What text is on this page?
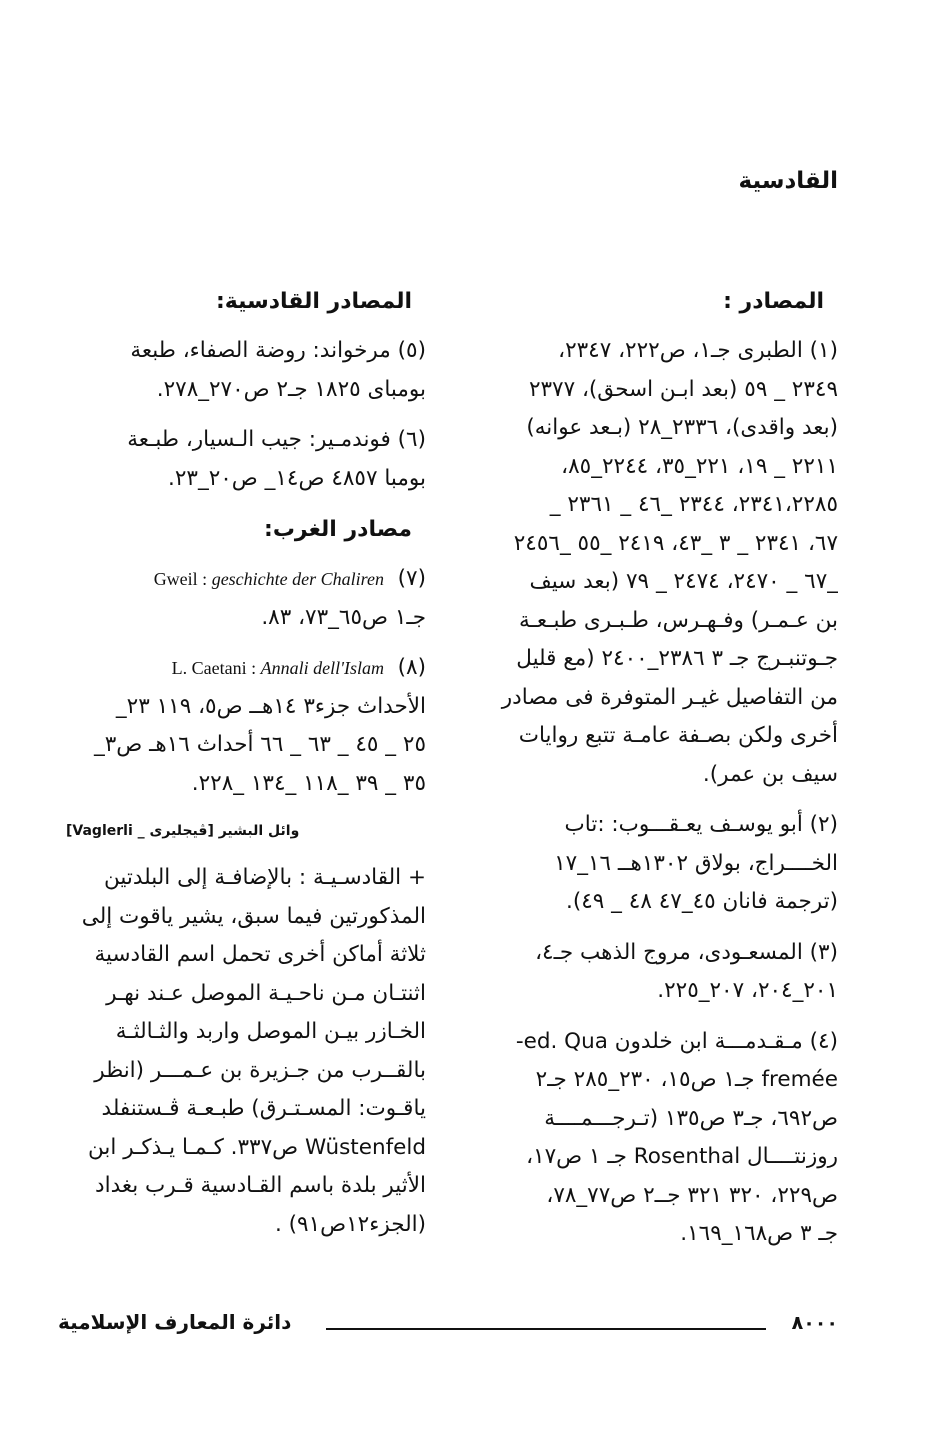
القادسية
المصادر :
(١) الطبرى جـ١، ص٢٢٢، ٢٣٤٧،
٢٣٤٩ _ ٥٩ (بعد ابـن اسحق)، ٢٣٧٧
(بعد واقدى)، ٢٣٣٦_٢٨ (بـعد عوانه)
٢٢١١ _ ١٩، ٢٢١_٣٥، ٢٢٤٤_٨٥،
٢٣٤١،٢٢٨٥، ٢٣٤٤ _٤٦ _ ٢٣٦١ _
٦٧، ٢٣٤١ _ ٣ _٤٣، ٢٤١٩ _٥٥ _٢٤٥٦
_٦٧ _ ٢٤٧٠، ٢٤٧٤ _ ٧٩ (بعد سيف
بن عـمـر) وفـهـرس، طـبـرى طبـعـة
جـوتنبـرج جـ ٣ ٢٣٨٦_٢٤٠٠ (مع قليل
من التفاصيل غيـر المتوفرة فى مصادر
أخرى ولكن بصـفة عامـة تتبع روايات
سيف بن عمر).
(٢) أبو يوسـف يعـقـــوب: :تاب
الخــــراج، بولاق ١٣٠٢هــ ١٦_١٧
(ترجمة فانان ٤٥_٤٧ ٤٨ _ ٤٩).
(٣) المسعـودى، مروج الذهب جـ٤،
٢٠١_٢٠٤، ٢٠٧_٢٢٥.
(٤) مـقـدمـــة ابن خلدون ed. Qua-
fremée جـ١ ص١٥، ٢٣٠_٢٨٥ جـ٢
ص٦٩٢، جـ٣ ص١٣٥ (تـرجـــمــــة
روزنتــــال Rosenthal جـ ١ ص١٧،
ص٢٢٩، ٣٢٠ ٣٢١ جــ٢ ص٧٧_٧٨،
جـ ٣ ص١٦٨_١٦٩.
المصادر القادسية:
(٥) مرخواند: روضة الصفاء، طبعة
بومباى ١٨٢٥ جـ٢ ص٢٧٠_٢٧٨.
(٦) فوندمـير: جيب الـسيار، طبـعة
بومبا ٤٨٥٧ ص١٤_ ص٢٠_٢٣.
مصادر الغرب:
(٧)  Gweil : geschichte der Chaliren
جـ١ ص٦٥_٧٣، ٨٣.
(٨)  L. Caetani : Annali dell'Islam
الأحداث جزء٣ ١٤هــ ص٥، ١١٩ ٢٣_
٢٥ _ ٤٥ _ ٦٣ _ ٦٦ أحداث ١٦هـ ص٣_
٣٥ _ ٣٩ _١١٨ _١٣٤ _٢٢٨.
وائل البشير [ڤيجليرى _ Vaglerli]
+ القادسـيـة : بالإضافـة إلى البلدتين
المذكورتين فيما سبق، يشير ياقوت إلى
ثلاثة أماكن أخرى تحمل اسم القادسية
اثنتـان مـن ناحـيـة الموصل عـند نهـر
الخـازر بيـن الموصل واربد والثـالثـة
بالقــرب من جـزيرة بن عـمـــر (انظر
ياقـوت: المسـتـرق) طبـعـة ڤـستنفلد
Wüstenfeld ص٣٣٧. كـمـا يـذكـر ابن
الأثير بلدة باسم القـادسية قـرب بغداد
(الجزء١٢ص٩١) .
دائرة المعارف الإسلامية	٨٠٠٠
